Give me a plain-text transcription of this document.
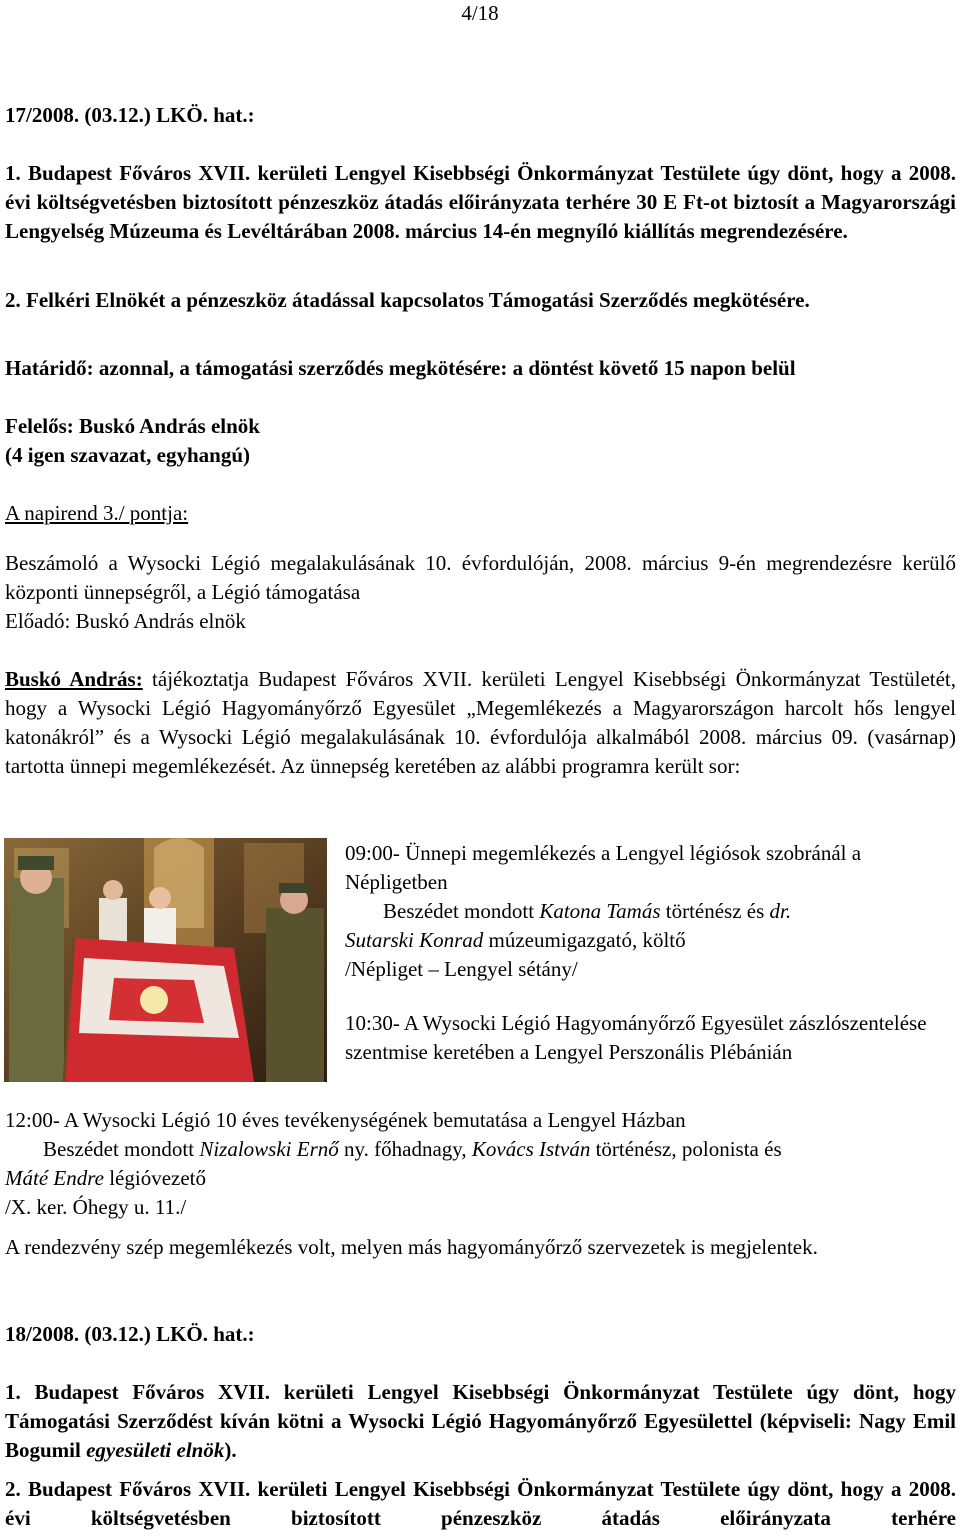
4/18

17/2008. (03.12.) LKÖ. hat.:

1. Budapest Főváros XVII. kerületi Lengyel Kisebbségi Önkormányzat Testülete úgy dönt, hogy a 2008. évi költségvetésben biztosított pénzeszköz átadás előirányzata terhére 30 E Ft-ot biztosít a Magyarországi Lengyelség Múzeuma és Levéltárában 2008. március 14-én megnyíló kiállítás megrendezésére.

2. Felkéri Elnökét a pénzeszköz átadással kapcsolatos Támogatási Szerződés megkötésére.

Határidő: azonnal, a támogatási szerződés megkötésére: a döntést követő 15 napon belül

Felelős: Buskó András elnök

(4 igen szavazat, egyhangú)

A napirend 3./ pontja:

Beszámoló a Wysocki Légió megalakulásának 10. évfordulóján, 2008. március 9-én megrendezésre kerülő központi ünnepségről, a Légió támogatása

Előadó: Buskó András elnök

Buskó András: tájékoztatja Budapest Főváros XVII. kerületi Lengyel Kisebbségi Önkormányzat Testületét, hogy a Wysocki Légió Hagyományőrző Egyesület „Megemlékezés a Magyarországon harcolt hős lengyel katonákról” és a Wysocki Légió megalakulásának 10. évfordulója alkalmából 2008. március 09. (vasárnap) tartotta ünnepi megemlékezését. Az ünnepség keretében az alábbi programra került sor:

09:00- Ünnepi megemlékezés a Lengyel légiósok szobránál a Népligetben

Beszédet mondott Katona Tamás történész és dr.
Sutarski Konrad múzeumigazgató, költő

/Népliget – Lengyel sétány/

10:30- A Wysocki Légió Hagyományőrző Egyesület zászlószentelése szentmise keretében a Lengyel Perszonális Plébánián

12:00- A Wysocki Légió 10 éves tevékenységének bemutatása a Lengyel Házban

Beszédet mondott Nizalowski Ernő ny. főhadnagy, Kovács István történész, polonista és
Máté Endre légióvezető

/X. ker. Óhegy u. 11./

A rendezvény szép megemlékezés volt, melyen más hagyományőrző szervezetek is megjelentek.

18/2008. (03.12.) LKÖ. hat.:

1. Budapest Főváros XVII. kerületi Lengyel Kisebbségi Önkormányzat Testülete úgy dönt, hogy Támogatási Szerződést kíván kötni a Wysocki Légió Hagyományőrző Egyesülettel (képviseli: Nagy Emil Bogumil egyesületi elnök).

2. Budapest Főváros XVII. kerületi Lengyel Kisebbségi Önkormányzat Testülete úgy dönt, hogy a 2008. évi költségvetésben biztosított pénzeszköz átadás előirányzata terhére
